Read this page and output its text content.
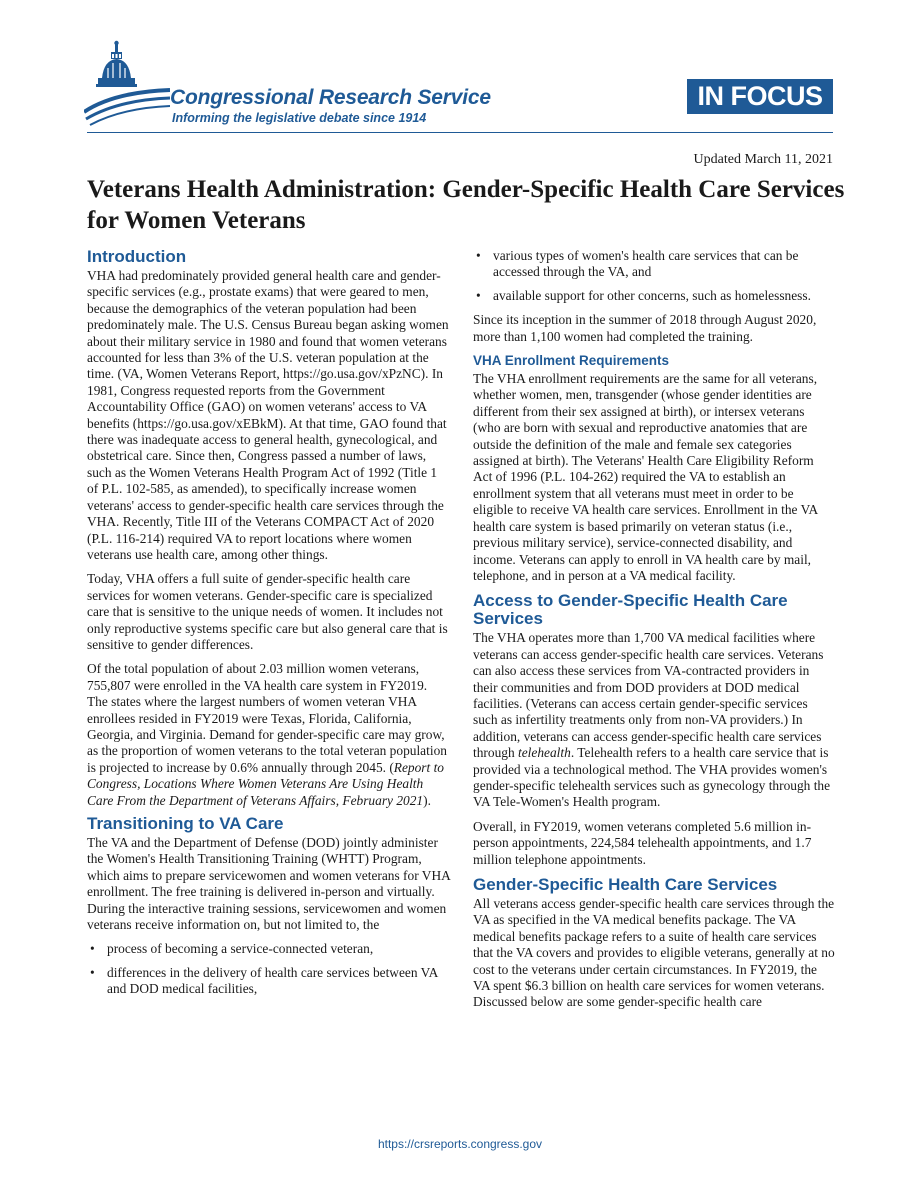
Congressional Research Service
Informing the legislative debate since 1914
IN FOCUS
Updated March 11, 2021
Veterans Health Administration: Gender-Specific Health Care Services for Women Veterans
Introduction

VHA had predominately provided general health care and gender-specific services (e.g., prostate exams) that were geared to men, because the demographics of the veteran population had been predominately male. The U.S. Census Bureau began asking women about their military service in 1980 and found that women veterans accounted for less than 3% of the U.S. veteran population at the time. (VA, Women Veterans Report, https://go.usa.gov/xPzNC). In 1981, Congress requested reports from the Government Accountability Office (GAO) on women veterans' access to VA benefits (https://go.usa.gov/xEBkM). At that time, GAO found that there was inadequate access to general health, gynecological, and obstetrical care. Since then, Congress passed a number of laws, such as the Women Veterans Health Program Act of 1992 (Title 1 of P.L. 102-585, as amended), to specifically increase women veterans' access to gender-specific health care services through the VHA. Recently, Title III of the Veterans COMPACT Act of 2020 (P.L. 116-214) required VA to report locations where women veterans use health care, among other things.

Today, VHA offers a full suite of gender-specific health care services for women veterans. Gender-specific care is specialized care that is sensitive to the unique needs of women. It includes not only reproductive systems specific care but also general care that is sensitive to gender differences.

Of the total population of about 2.03 million women veterans, 755,807 were enrolled in the VA health care system in FY2019. The states where the largest numbers of women veteran VHA enrollees resided in FY2019 were Texas, Florida, California, Georgia, and Virginia. Demand for gender-specific care may grow, as the proportion of women veterans to the total veteran population is projected to increase by 0.6% annually through 2045. (Report to Congress, Locations Where Women Veterans Are Using Health Care From the Department of Veterans Affairs, February 2021).

Transitioning to VA Care

The VA and the Department of Defense (DOD) jointly administer the Women's Health Transitioning Training (WHTT) Program, which aims to prepare servicewomen and women veterans for VHA enrollment. The free training is delivered in-person and virtually. During the interactive training sessions, servicewomen and women veterans receive information on, but not limited to, the

• process of becoming a service-connected veteran,
• differences in the delivery of health care services between VA and DOD medical facilities,
• various types of women's health care services that can be accessed through the VA, and
• available support for other concerns, such as homelessness.

Since its inception in the summer of 2018 through August 2020, more than 1,100 women had completed the training.

VHA Enrollment Requirements

The VHA enrollment requirements are the same for all veterans, whether women, men, transgender (whose gender identities are different from their sex assigned at birth), or intersex veterans (who are born with sexual and reproductive anatomies that are outside the definition of the male and female sex categories assigned at birth). The Veterans' Health Care Eligibility Reform Act of 1996 (P.L. 104-262) required the VA to establish an enrollment system that all veterans must meet in order to be eligible to receive VA health care services. Enrollment in the VA health care system is based primarily on veteran status (i.e., previous military service), service-connected disability, and income. Veterans can apply to enroll in VA health care by mail, telephone, and in person at a VA medical facility.

Access to Gender-Specific Health Care Services

The VHA operates more than 1,700 VA medical facilities where veterans can access gender-specific health care services. Veterans can also access these services from VA-contracted providers in their communities and from DOD providers at DOD medical facilities. (Veterans can access certain gender-specific services such as infertility treatments only from non-VA providers.) In addition, veterans can access gender-specific health care services through telehealth. Telehealth refers to a health care service that is provided via a technological method. The VHA provides women's gender-specific telehealth services such as gynecology through the VA Tele-Women's Health program.

Overall, in FY2019, women veterans completed 5.6 million in-person appointments, 224,584 telehealth appointments, and 1.7 million telephone appointments.

Gender-Specific Health Care Services

All veterans access gender-specific health care services through the VA as specified in the VA medical benefits package. The VA medical benefits package refers to a suite of health care services that the VA covers and provides to eligible veterans, generally at no cost to the veterans under certain circumstances. In FY2019, the VA spent $6.3 billion on health care services for women veterans. Discussed below are some gender-specific health care

https://crsreports.congress.gov
